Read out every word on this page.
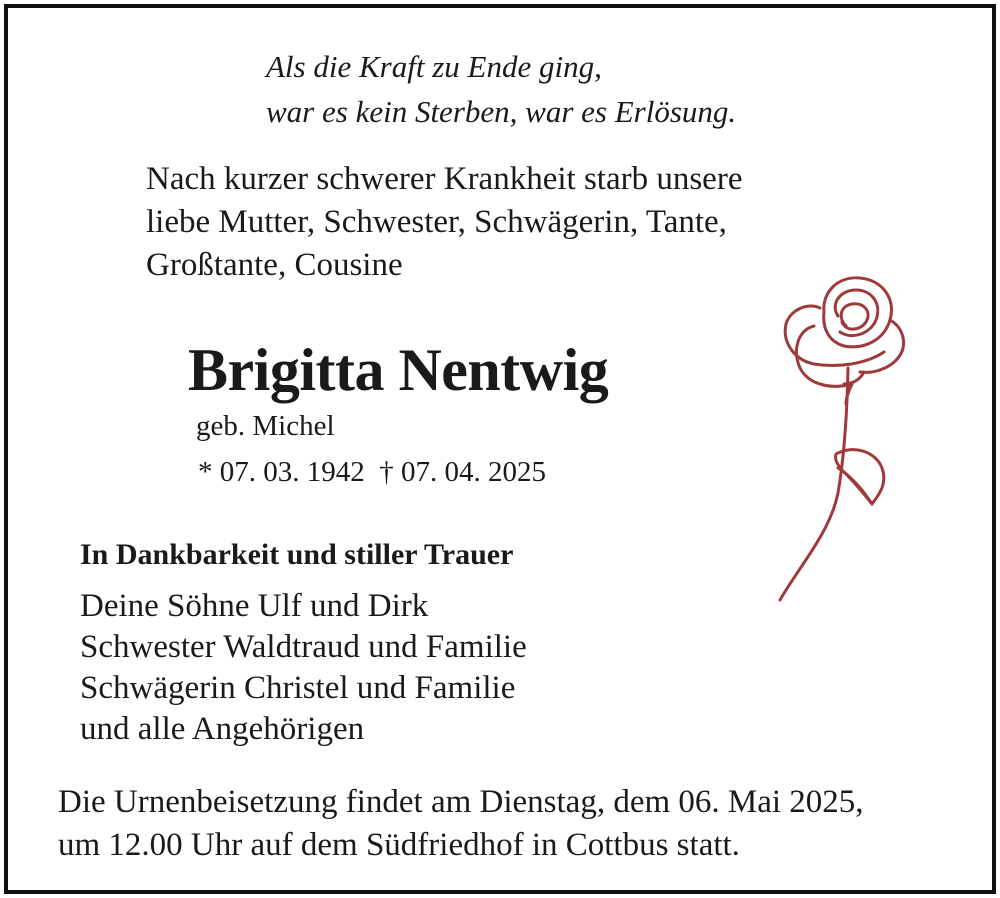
Als die Kraft zu Ende ging,
war es kein Sterben, war es Erlösung.
Nach kurzer schwerer Krankheit starb unsere
liebe Mutter, Schwester, Schwägerin, Tante,
Großtante, Cousine
Brigitta Nentwig
geb. Michel
* 07. 03. 1942  † 07. 04. 2025
In Dankbarkeit und stiller Trauer
Deine Söhne Ulf und Dirk
Schwester Waldtraud und Familie
Schwägerin Christel und Familie
und alle Angehörigen
Die Urnenbeisetzung findet am Dienstag, dem 06. Mai 2025,
um 12.00 Uhr auf dem Südfriedhof in Cottbus statt.
